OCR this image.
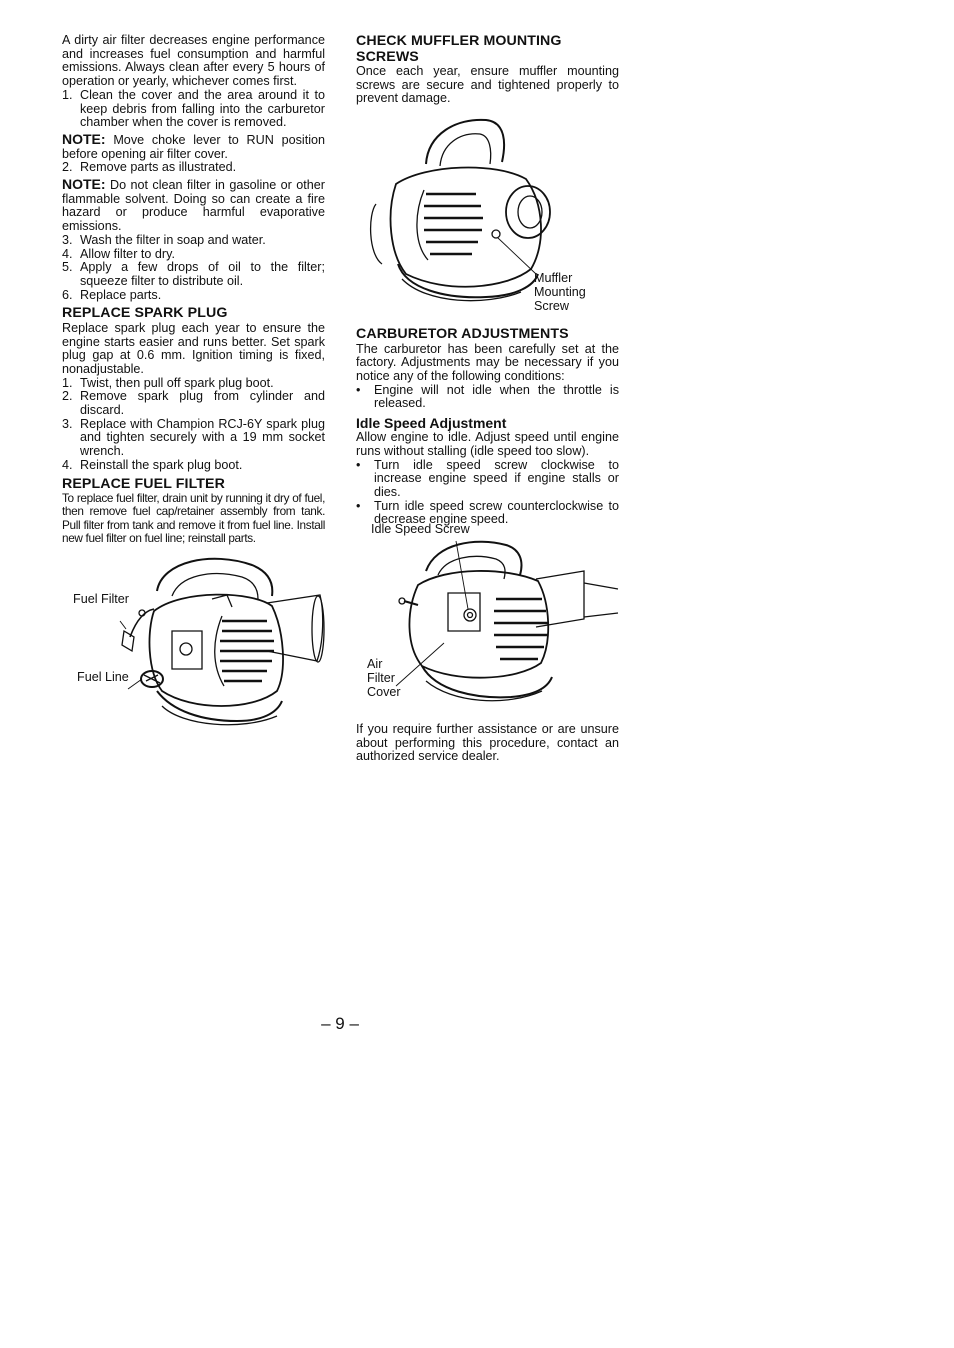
A dirty air filter decreases engine performance and increases fuel consumption and harmful emissions. Always clean after every 5 hours of operation or yearly, whichever comes first.

1. Clean the cover and the area around it to keep debris from falling into the carburetor chamber when the cover is removed.

NOTE: Move choke lever to RUN position before opening air filter cover.

2. Remove parts as illustrated.

NOTE: Do not clean filter in gasoline or other flammable solvent. Doing so can create a fire hazard or produce harmful evaporative emissions.

3. Wash the filter in soap and water.
4. Allow filter to dry.
5. Apply a few drops of oil to the filter; squeeze filter to distribute oil.
6. Replace parts.
REPLACE SPARK PLUG

Replace spark plug each year to ensure the engine starts easier and runs better. Set spark plug gap at 0.6 mm. Ignition timing is fixed, nonadjustable.

1. Twist, then pull off spark plug boot.
2. Remove spark plug from cylinder and discard.
3. Replace with Champion RCJ-6Y spark plug and tighten securely with a 19 mm socket wrench.
4. Reinstall the spark plug boot.
REPLACE FUEL FILTER

To replace fuel filter, drain unit by running it dry of fuel, then remove fuel cap/retainer assembly from tank. Pull filter from tank and remove it from fuel line. Install new fuel filter on fuel line; reinstall parts.

Fuel Filter
Fuel Line
CHECK MUFFLER MOUNTING SCREWS

Once each year, ensure muffler mounting screws are secure and tightened properly to prevent damage.

Muffler
Mounting
Screw
CARBURETOR ADJUSTMENTS

The carburetor has been carefully set at the factory. Adjustments may be necessary if you notice any of the following conditions:

• Engine will not idle when the throttle is released.
Idle Speed Adjustment

Allow engine to idle. Adjust speed until engine runs without stalling (idle speed too slow).

• Turn idle speed screw clockwise to increase engine speed if engine stalls or dies.
• Turn idle speed screw counterclockwise to decrease engine speed.
Idle Speed Screw
Air
Filter
Cover

If you require further assistance or are unsure about performing this procedure, contact an authorized service dealer.

– 9 –
